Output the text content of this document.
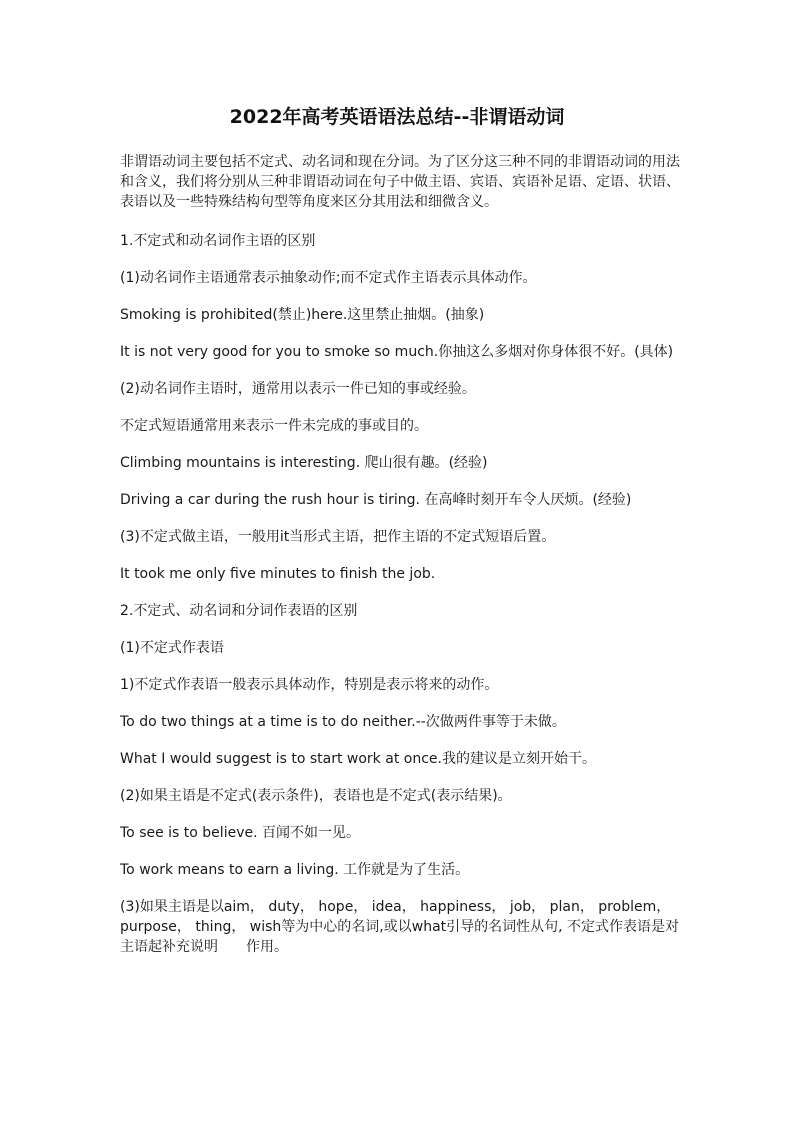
2022年高考英语语法总结--非谓语动词

非谓语动词主要包括不定式、动名词和现在分词。为了区分这三种不同的非谓语动词的用法和含义，我们将分别从三种非谓语动词在句子中做主语、宾语、宾语补足语、定语、状语、表语以及一些特殊结构句型等角度来区分其用法和细微含义。

1.不定式和动名词作主语的区别

(1)动名词作主语通常表示抽象动作;而不定式作主语表示具体动作。

Smoking is prohibited(禁止)here.这里禁止抽烟。(抽象)

It is not very good for you to smoke so much.你抽这么多烟对你身体很不好。(具体)

(2)动名词作主语时，通常用以表示一件已知的事或经验。

不定式短语通常用来表示一件未完成的事或目的。

Climbing mountains is interesting. 爬山很有趣。(经验)

Driving a car during the rush hour is tiring. 在高峰时刻开车令人厌烦。(经验)

(3)不定式做主语，一般用it当形式主语，把作主语的不定式短语后置。

It took me only five minutes to finish the job.

2.不定式、动名词和分词作表语的区别

(1)不定式作表语

1)不定式作表语一般表示具体动作，特别是表示将来的动作。

To do two things at a time is to do neither.--次做两件事等于未做。

What I would suggest is to start work at once.我的建议是立刻开始干。

(2)如果主语是不定式(表示条件)，表语也是不定式(表示结果)。

To see is to believe. 百闻不如一见。

To work means to earn a living. 工作就是为了生活。

(3)如果主语是以aim， duty， hope， idea， happiness， job， plan， problem， purpose， thing， wish等为中心的名词,或以what引导的名词性从句, 不定式作表语是对主语起补充说明　　作用。
